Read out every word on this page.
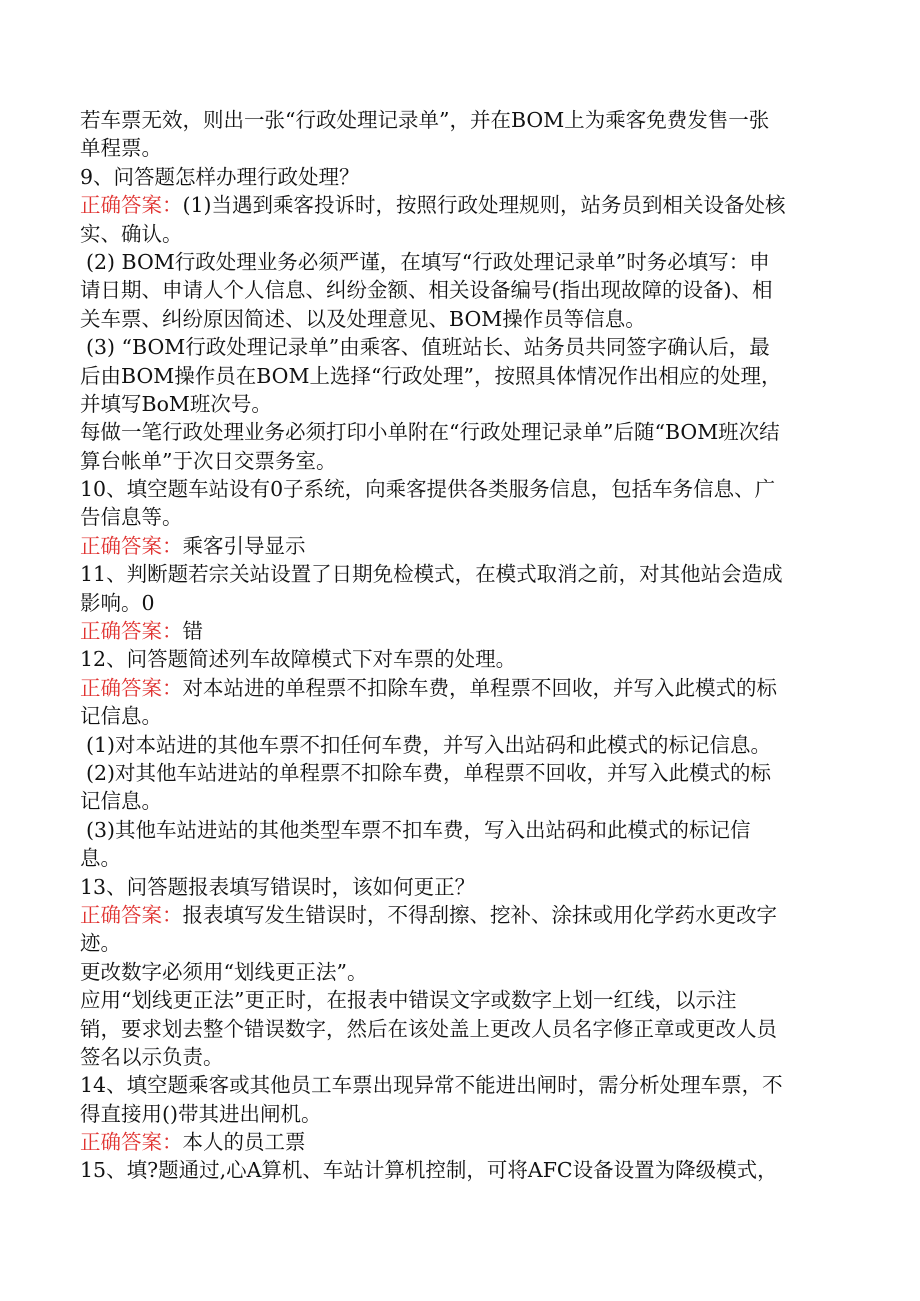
若车票无效，则出一张“行政处理记录单”，并在BOM上为乘客免费发售一张
单程票。
9、问答题怎样办理行政处理？
正确答案：(1)当遇到乘客投诉时，按照行政处理规则，站务员到相关设备处核
实、确认。
(2) BOM行政处理业务必须严谨，在填写“行政处理记录单”时务必填写：申
请日期、申请人个人信息、纠纷金额、相关设备编号(指出现故障的设备)、相
关车票、纠纷原因简述、以及处理意见、BOM操作员等信息。
(3) “BOM行政处理记录单”由乘客、值班站长、站务员共同签字确认后，最
后由BOM操作员在BOM上选择“行政处理”，按照具体情况作出相应的处理，
并填写BoM班次号。
每做一笔行政处理业务必须打印小单附在“行政处理记录单”后随“BOM班次结
算台帐单”于次日交票务室。
10、填空题车站设有0子系统，向乘客提供各类服务信息，包括车务信息、广
告信息等。
正确答案：乘客引导显示
11、判断题若宗关站设置了日期免检模式，在模式取消之前，对其他站会造成
影响。0
正确答案：错
12、问答题简述列车故障模式下对车票的处理。
正确答案：对本站进的单程票不扣除车费，单程票不回收，并写入此模式的标
记信息。
(1)对本站进的其他车票不扣任何车费，并写入出站码和此模式的标记信息。
(2)对其他车站进站的单程票不扣除车费，单程票不回收，并写入此模式的标
记信息。
(3)其他车站进站的其他类型车票不扣车费，写入出站码和此模式的标记信
息。
13、问答题报表填写错误时，该如何更正？
正确答案：报表填写发生错误时，不得刮擦、挖补、涂抹或用化学药水更改字
迹。
更改数字必须用“划线更正法”。
应用“划线更正法”更正时，在报表中错误文字或数字上划一红线，以示注
销，要求划去整个错误数字，然后在该处盖上更改人员名字修正章或更改人员
签名以示负责。
14、填空题乘客或其他员工车票出现异常不能进出闸时，需分析处理车票，不
得直接用()带其进出闸机。
正确答案：本人的员工票
15、填?题通过,心A算机、车站计算机控制，可将AFC设备设置为降级模式，
